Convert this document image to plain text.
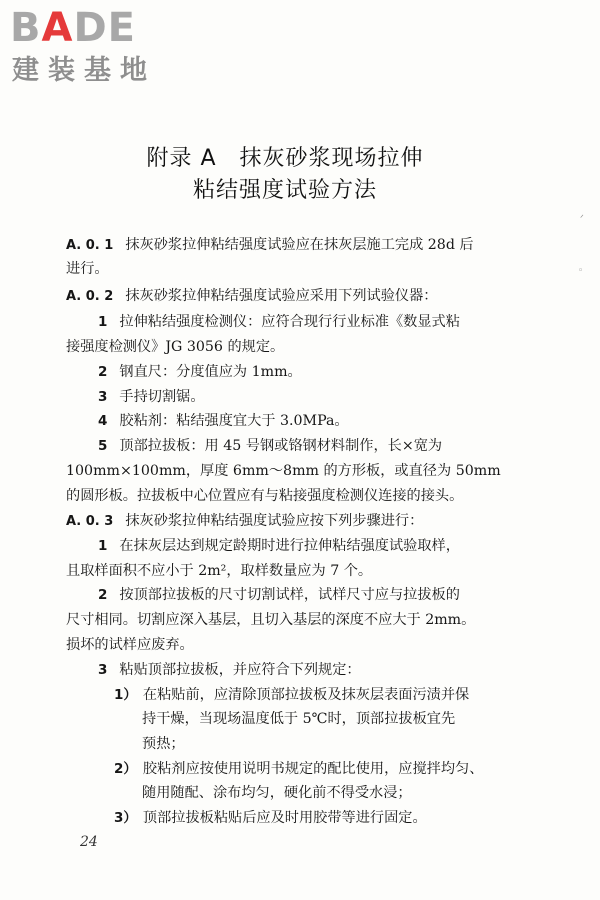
BADE
建装基地
ᐟ
◦
附录 A　抹灰砂浆现场拉伸
粘结强度试验方法
A. 0. 1 抹灰砂浆拉伸粘结强度试验应在抹灰层施工完成 28d 后
进行。
A. 0. 2 抹灰砂浆拉伸粘结强度试验应采用下列试验仪器：
1 拉伸粘结强度检测仪：应符合现行行业标准《数显式粘
接强度检测仪》JG 3056 的规定。
2 钢直尺：分度值应为 1mm。
3 手持切割锯。
4 胶粘剂：粘结强度宜大于 3.0MPa。
5 顶部拉拔板：用 45 号钢或铬钢材料制作，长×宽为
100mm×100mm，厚度 6mm～8mm 的方形板，或直径为 50mm
的圆形板。拉拔板中心位置应有与粘接强度检测仪连接的接头。
A. 0. 3 抹灰砂浆拉伸粘结强度试验应按下列步骤进行：
1 在抹灰层达到规定龄期时进行拉伸粘结强度试验取样，
且取样面积不应小于 2m²，取样数量应为 7 个。
2 按顶部拉拔板的尺寸切割试样，试样尺寸应与拉拔板的
尺寸相同。切割应深入基层，且切入基层的深度不应大于 2mm。
损坏的试样应废弃。
3 粘贴顶部拉拔板，并应符合下列规定：
1） 在粘贴前，应清除顶部拉拔板及抹灰层表面污渍并保
持干燥，当现场温度低于 5℃时，顶部拉拔板宜先
预热；
2） 胶粘剂应按使用说明书规定的配比使用，应搅拌均匀、
随用随配、涂布均匀，硬化前不得受水浸；
3） 顶部拉拔板粘贴后应及时用胶带等进行固定。
24
